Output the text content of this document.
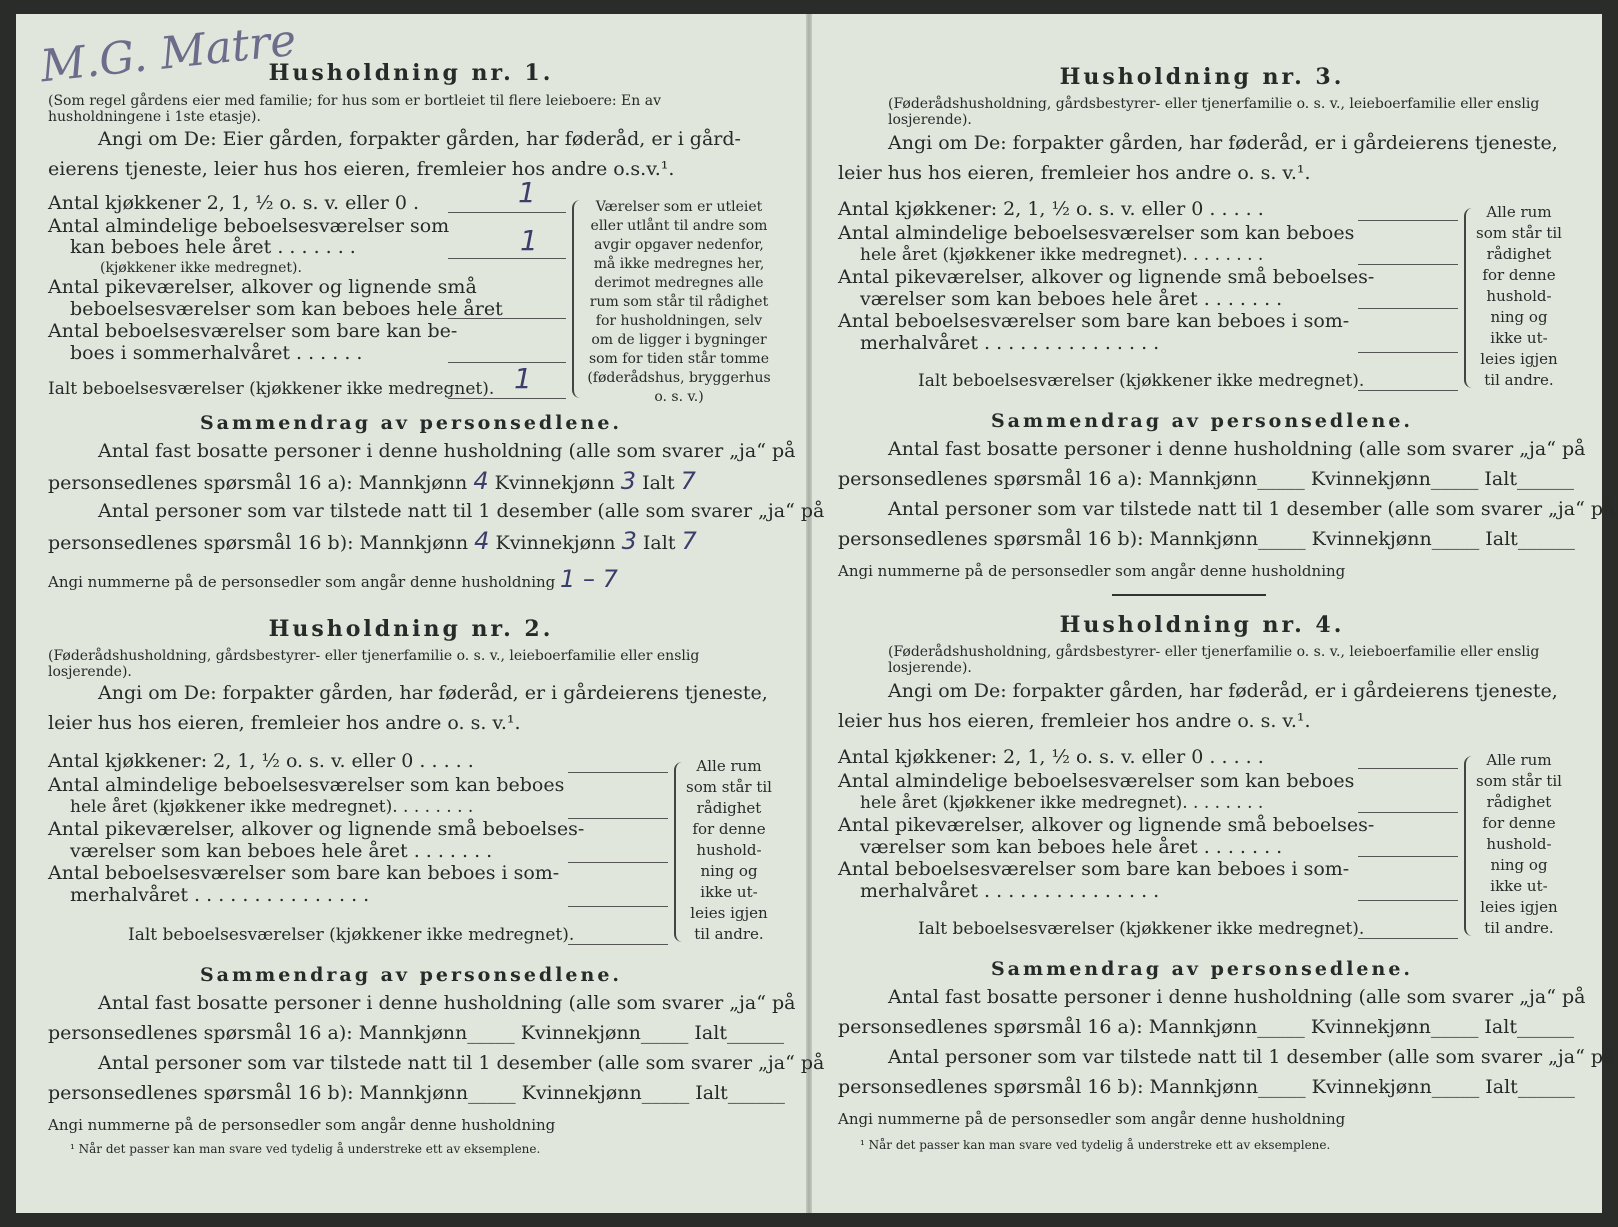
M.G. Matre
Husholdning nr. 1.
(Som regel gårdens eier med familie; for hus som er bortleiet til flere leieboere: En av husholdningene i 1ste etasje).
Angi om De: Eier gården, forpakter gården, har føderåd, er i gård-
eierens tjeneste, leier hus hos eieren, fremleier hos andre o.s.v.¹.
Antal kjøkkener 2, 1, ½ o. s. v. eller 0 .
Antal almindelige beboelsesværelser som
kan beboes hele året . . . . . . .
(kjøkkener ikke medregnet).
Antal pikeværelser, alkover og lignende små
beboelsesværelser som kan beboes hele året
Antal beboelsesværelser som bare kan be-
boes i sommerhalvåret . . . . . .
Ialt beboelsesværelser (kjøkkener ikke medregnet).
Værelser som er utleiet eller utlånt til andre som avgir opgaver nedenfor, må ikke medregnes her, derimot medregnes alle rum som står til rådighet for husholdningen, selv om de ligger i bygninger som for tiden står tomme (føderådshus, bryggerhus o. s. v.)
1
1
1
Sammendrag av personsedlene.
Antal fast bosatte personer i denne husholdning (alle som svarer „ja“ på
personsedlenes spørsmål 16 a): Mannkjønn 4 Kvinnekjønn 3 Ialt 7
Antal personer som var tilstede natt til 1 desember (alle som svarer „ja“ på
personsedlenes spørsmål 16 b): Mannkjønn 4 Kvinnekjønn 3 Ialt 7
Angi nummerne på de personsedler som angår denne husholdning 1 – 7
Husholdning nr. 2.
(Føderådshusholdning, gårdsbestyrer- eller tjenerfamilie o. s. v., leieboerfamilie eller enslig losjerende).
Angi om De: forpakter gården, har føderåd, er i gårdeierens tjeneste,
leier hus hos eieren, fremleier hos andre o. s. v.¹.
Antal kjøkkener: 2, 1, ½ o. s. v. eller 0 . . . . .
Antal almindelige beboelsesværelser som kan beboes
hele året (kjøkkener ikke medregnet). . . . . . . .
Antal pikeværelser, alkover og lignende små beboelses-
værelser som kan beboes hele året . . . . . . .
Antal beboelsesværelser som bare kan beboes i som-
merhalvåret . . . . . . . . . . . . . . .
Ialt beboelsesværelser (kjøkkener ikke medregnet).
Alle rum som står til rådighet for denne hushold-ning og ikke ut-leies igjen til andre.
Sammendrag av personsedlene.
Antal fast bosatte personer i denne husholdning (alle som svarer „ja“ på
personsedlenes spørsmål 16 a): Mannkjønn_____ Kvinnekjønn_____ Ialt______
Antal personer som var tilstede natt til 1 desember (alle som svarer „ja“ på
personsedlenes spørsmål 16 b): Mannkjønn_____ Kvinnekjønn_____ Ialt______
Angi nummerne på de personsedler som angår denne husholdning
¹ Når det passer kan man svare ved tydelig å understreke ett av eksemplene.
Husholdning nr. 3.
(Føderådshusholdning, gårdsbestyrer- eller tjenerfamilie o. s. v., leieboerfamilie eller enslig losjerende).
Angi om De: forpakter gården, har føderåd, er i gårdeierens tjeneste,
leier hus hos eieren, fremleier hos andre o. s. v.¹.
Antal kjøkkener: 2, 1, ½ o. s. v. eller 0 . . . . .
Antal almindelige beboelsesværelser som kan beboes
hele året (kjøkkener ikke medregnet). . . . . . . .
Antal pikeværelser, alkover og lignende små beboelses-
værelser som kan beboes hele året . . . . . . .
Antal beboelsesværelser som bare kan beboes i som-
merhalvåret . . . . . . . . . . . . . . .
Ialt beboelsesværelser (kjøkkener ikke medregnet).
Alle rum som står til rådighet for denne hushold-ning og ikke ut-leies igjen til andre.
Sammendrag av personsedlene.
Antal fast bosatte personer i denne husholdning (alle som svarer „ja“ på
personsedlenes spørsmål 16 a): Mannkjønn_____ Kvinnekjønn_____ Ialt______
Antal personer som var tilstede natt til 1 desember (alle som svarer „ja“ på
personsedlenes spørsmål 16 b): Mannkjønn_____ Kvinnekjønn_____ Ialt______
Angi nummerne på de personsedler som angår denne husholdning
Husholdning nr. 4.
(Føderådshusholdning, gårdsbestyrer- eller tjenerfamilie o. s. v., leieboerfamilie eller enslig losjerende).
Angi om De: forpakter gården, har føderåd, er i gårdeierens tjeneste,
leier hus hos eieren, fremleier hos andre o. s. v.¹.
Antal kjøkkener: 2, 1, ½ o. s. v. eller 0 . . . . .
Antal almindelige beboelsesværelser som kan beboes
hele året (kjøkkener ikke medregnet). . . . . . . .
Antal pikeværelser, alkover og lignende små beboelses-
værelser som kan beboes hele året . . . . . . .
Antal beboelsesværelser som bare kan beboes i som-
merhalvåret . . . . . . . . . . . . . . .
Ialt beboelsesværelser (kjøkkener ikke medregnet).
Alle rum som står til rådighet for denne hushold-ning og ikke ut-leies igjen til andre.
Sammendrag av personsedlene.
Antal fast bosatte personer i denne husholdning (alle som svarer „ja“ på
personsedlenes spørsmål 16 a): Mannkjønn_____ Kvinnekjønn_____ Ialt______
Antal personer som var tilstede natt til 1 desember (alle som svarer „ja“ på
personsedlenes spørsmål 16 b): Mannkjønn_____ Kvinnekjønn_____ Ialt______
Angi nummerne på de personsedler som angår denne husholdning
¹ Når det passer kan man svare ved tydelig å understreke ett av eksemplene.
